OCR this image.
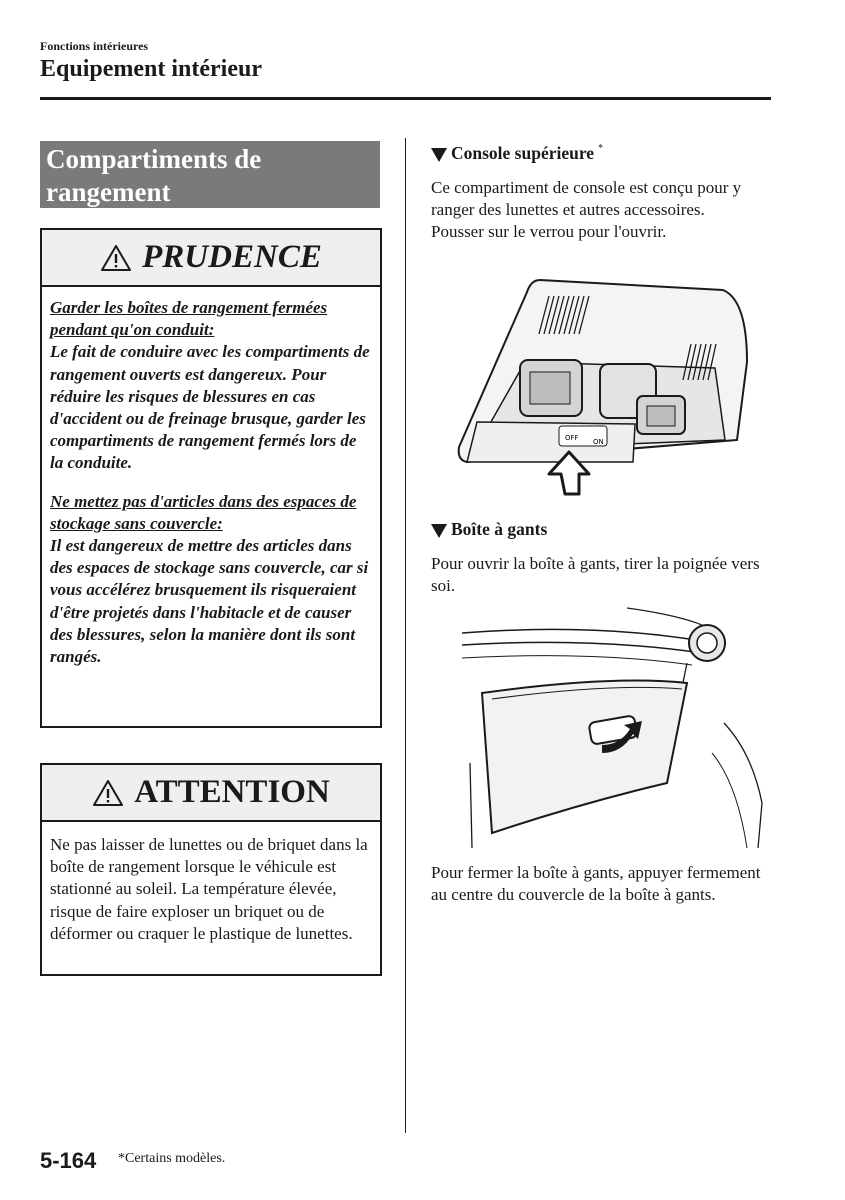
Fonctions intérieures
Equipement intérieur
Compartiments de rangement
PRUDENCE

Garder les boîtes de rangement fermées pendant qu'on conduit:
Le fait de conduire avec les compartiments de rangement ouverts est dangereux. Pour réduire les risques de blessures en cas d'accident ou de freinage brusque, garder les compartiments de rangement fermés lors de la conduite.

Ne mettez pas d'articles dans des espaces de stockage sans couvercle:
Il est dangereux de mettre des articles dans des espaces de stockage sans couvercle, car si vous accélérez brusquement ils risqueraient d'être projetés dans l'habitacle et de causer des blessures, selon la manière dont ils sont rangés.

ATTENTION
Ne pas laisser de lunettes ou de briquet dans la boîte de rangement lorsque le véhicule est stationné au soleil. La température élevée, risque de faire exploser un briquet ou de déformer ou craquer le plastique de lunettes.
Console supérieure *
Ce compartiment de console est conçu pour y ranger des lunettes et autres accessoires.
Pousser sur le verrou pour l'ouvrir.
OFF ON
Boîte à gants
Pour ouvrir la boîte à gants, tirer la poignée vers soi.
Pour fermer la boîte à gants, appuyer fermement au centre du couvercle de la boîte à gants.
5-164 *Certains modèles.
